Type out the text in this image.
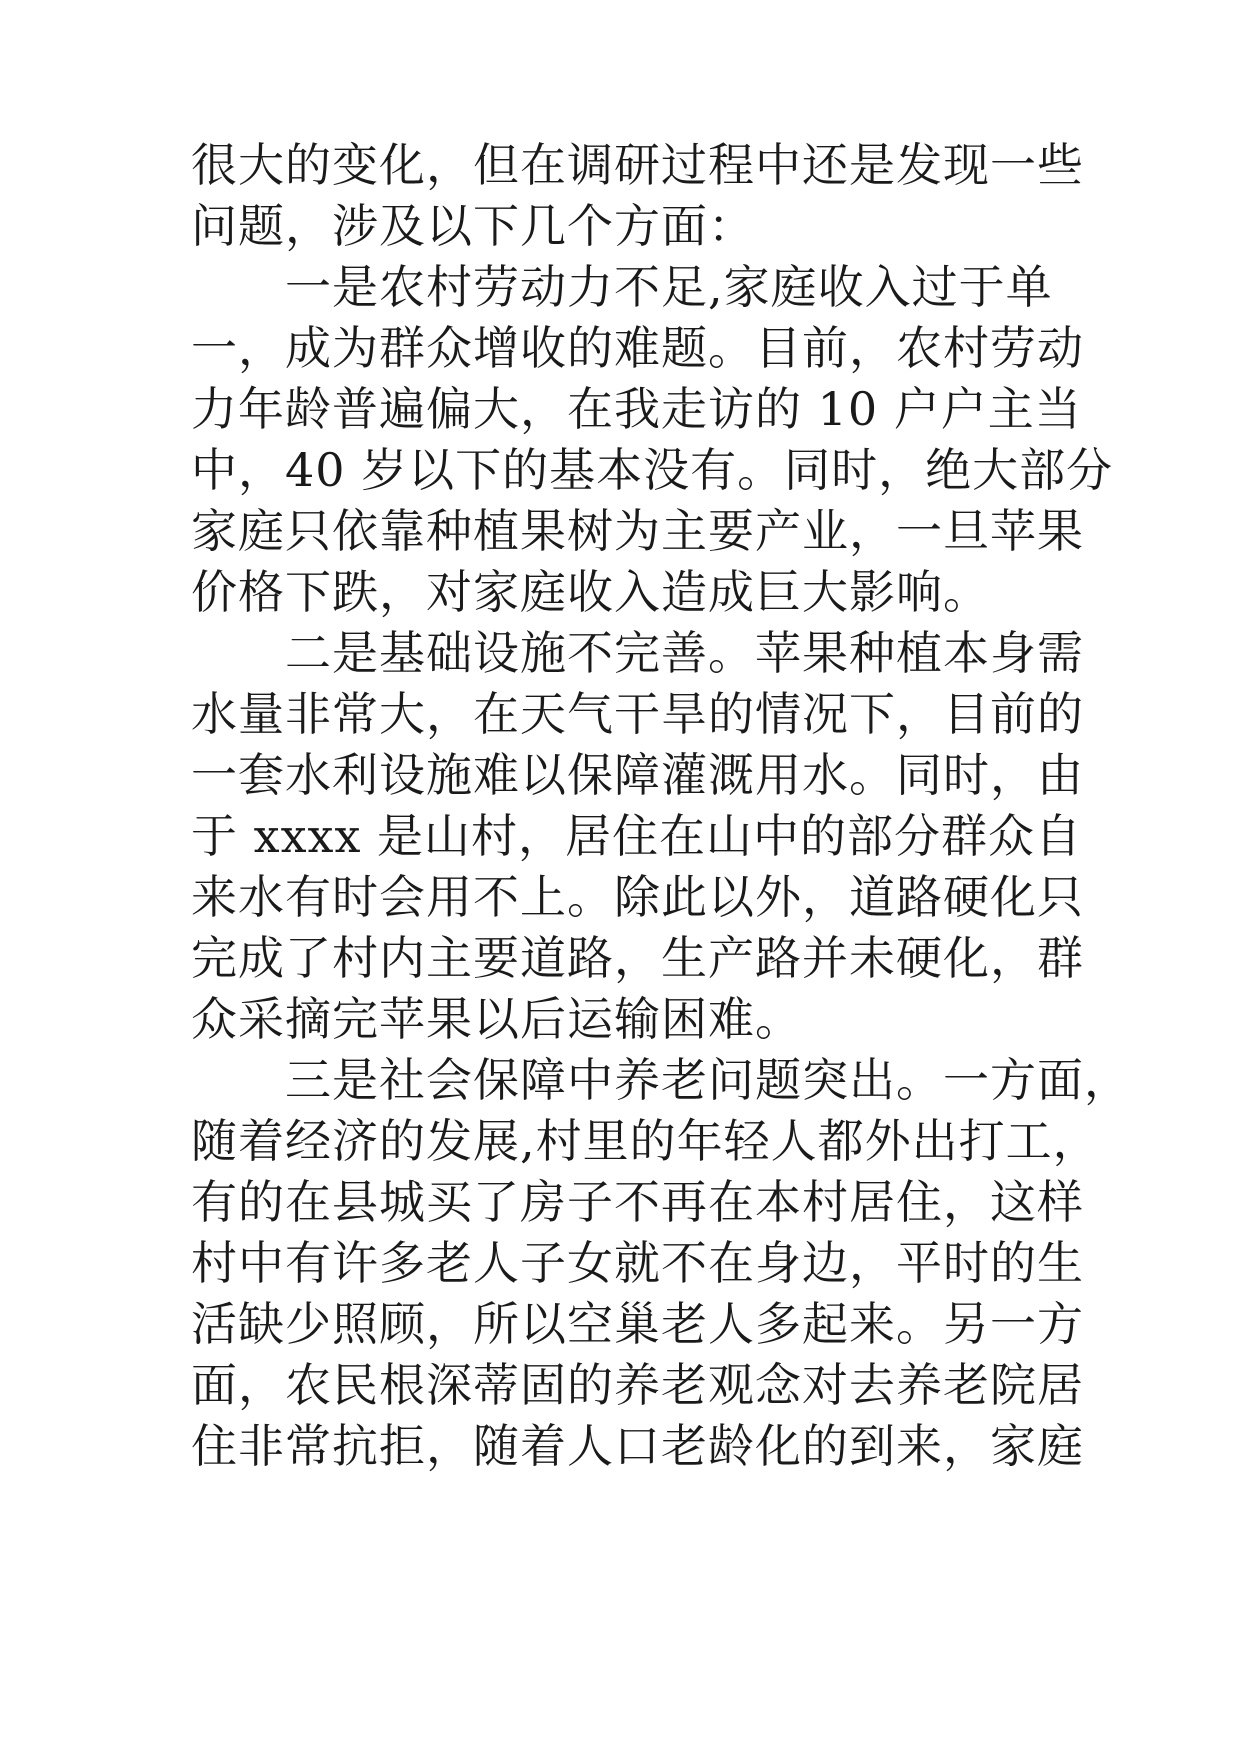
很大的变化，但在调研过程中还是发现一些
问题，涉及以下几个方面：
　　一是农村劳动力不足,家庭收入过于单
一，成为群众增收的难题。目前，农村劳动
力年龄普遍偏大，在我走访的 10 户户主当
中，40 岁以下的基本没有。同时，绝大部分
家庭只依靠种植果树为主要产业，一旦苹果
价格下跌，对家庭收入造成巨大影响。
　　二是基础设施不完善。苹果种植本身需
水量非常大，在天气干旱的情况下，目前的
一套水利设施难以保障灌溉用水。同时，由
于 xxxx 是山村，居住在山中的部分群众自
来水有时会用不上。除此以外，道路硬化只
完成了村内主要道路，生产路并未硬化，群
众采摘完苹果以后运输困难。
　　三是社会保障中养老问题突出。一方面，
随着经济的发展,村里的年轻人都外出打工，
有的在县城买了房子不再在本村居住，这样
村中有许多老人子女就不在身边，平时的生
活缺少照顾，所以空巢老人多起来。另一方
面，农民根深蒂固的养老观念对去养老院居
住非常抗拒，随着人口老龄化的到来，家庭
